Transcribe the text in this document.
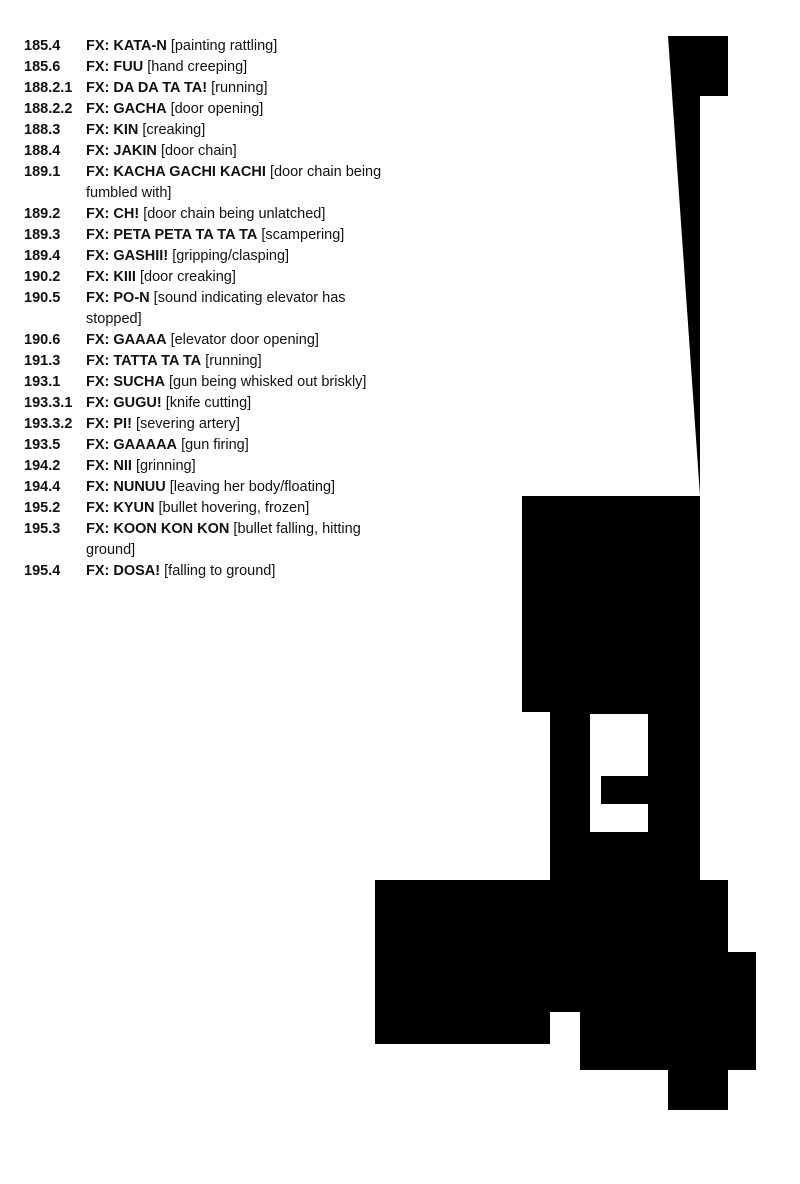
185.4	FX: KATA-N [painting rattling]
185.6	FX: FUU [hand creeping]
188.2.1 FX: DA DA TA TA! [running]
188.2.2 FX: GACHA [door opening]
188.3	FX: KIN [creaking]
188.4	FX: JAKIN [door chain]
189.1	FX: KACHA GACHI KACHI [door chain being fumbled with]
189.2	FX: CH! [door chain being unlatched]
189.3	FX: PETA PETA TA TA TA [scampering]
189.4	FX: GASHII! [gripping/clasping]
190.2	FX: KIII [door creaking]
190.5	FX: PO-N [sound indicating elevator has stopped]
190.6	FX: GAAAA [elevator door opening]
191.3	FX: TATTA TA TA [running]
193.1	FX: SUCHA [gun being whisked out briskly]
193.3.1 FX: GUGU! [knife cutting]
193.3.2 FX: PI! [severing artery]
193.5	FX: GAAAAA [gun firing]
194.2	FX: NII [grinning]
194.4	FX: NUNUU [leaving her body/floating]
195.2	FX: KYUN [bullet hovering, frozen]
195.3	FX: KOON KON KON [bullet falling, hitting ground]
195.4	FX: DOSA! [falling to ground]
